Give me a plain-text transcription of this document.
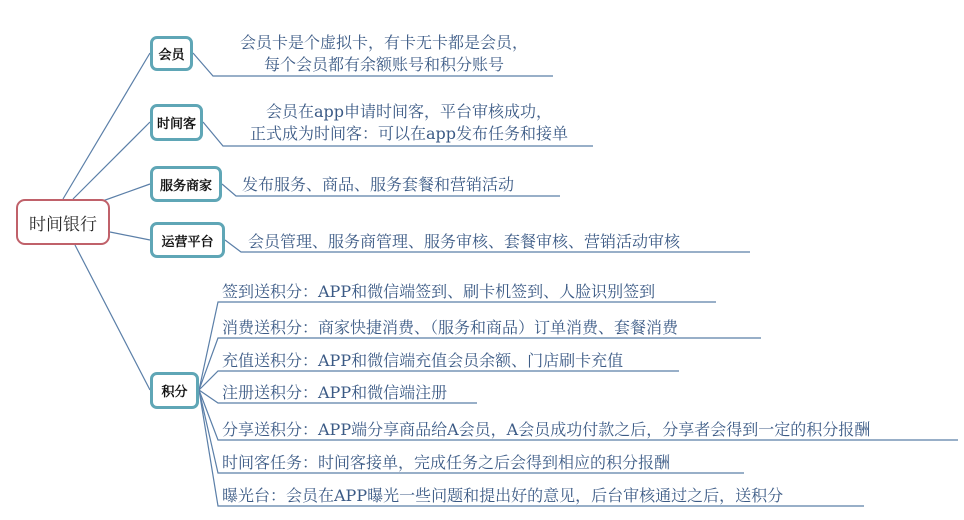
时间银行
会员
会员卡是个虚拟卡，有卡无卡都是会员，
每个会员都有余额账号和积分账号
时间客
会员在app申请时间客，平台审核成功，
正式成为时间客：可以在app发布任务和接单
服务商家 发布服务、商品、服务套餐和营销活动
运营平台 会员管理、服务商管理、服务审核、套餐审核、营销活动审核
积分
签到送积分：APP和微信端签到、刷卡机签到、人脸识别签到
消费送积分：商家快捷消费、（服务和商品）订单消费、套餐消费
充值送积分：APP和微信端充值会员余额、门店刷卡充值
注册送积分：APP和微信端注册
分享送积分：APP端分享商品给A会员，A会员成功付款之后，分享者会得到一定的积分报酬
时间客任务：时间客接单，完成任务之后会得到相应的积分报酬
曝光台：会员在APP曝光一些问题和提出好的意见，后台审核通过之后，送积分
